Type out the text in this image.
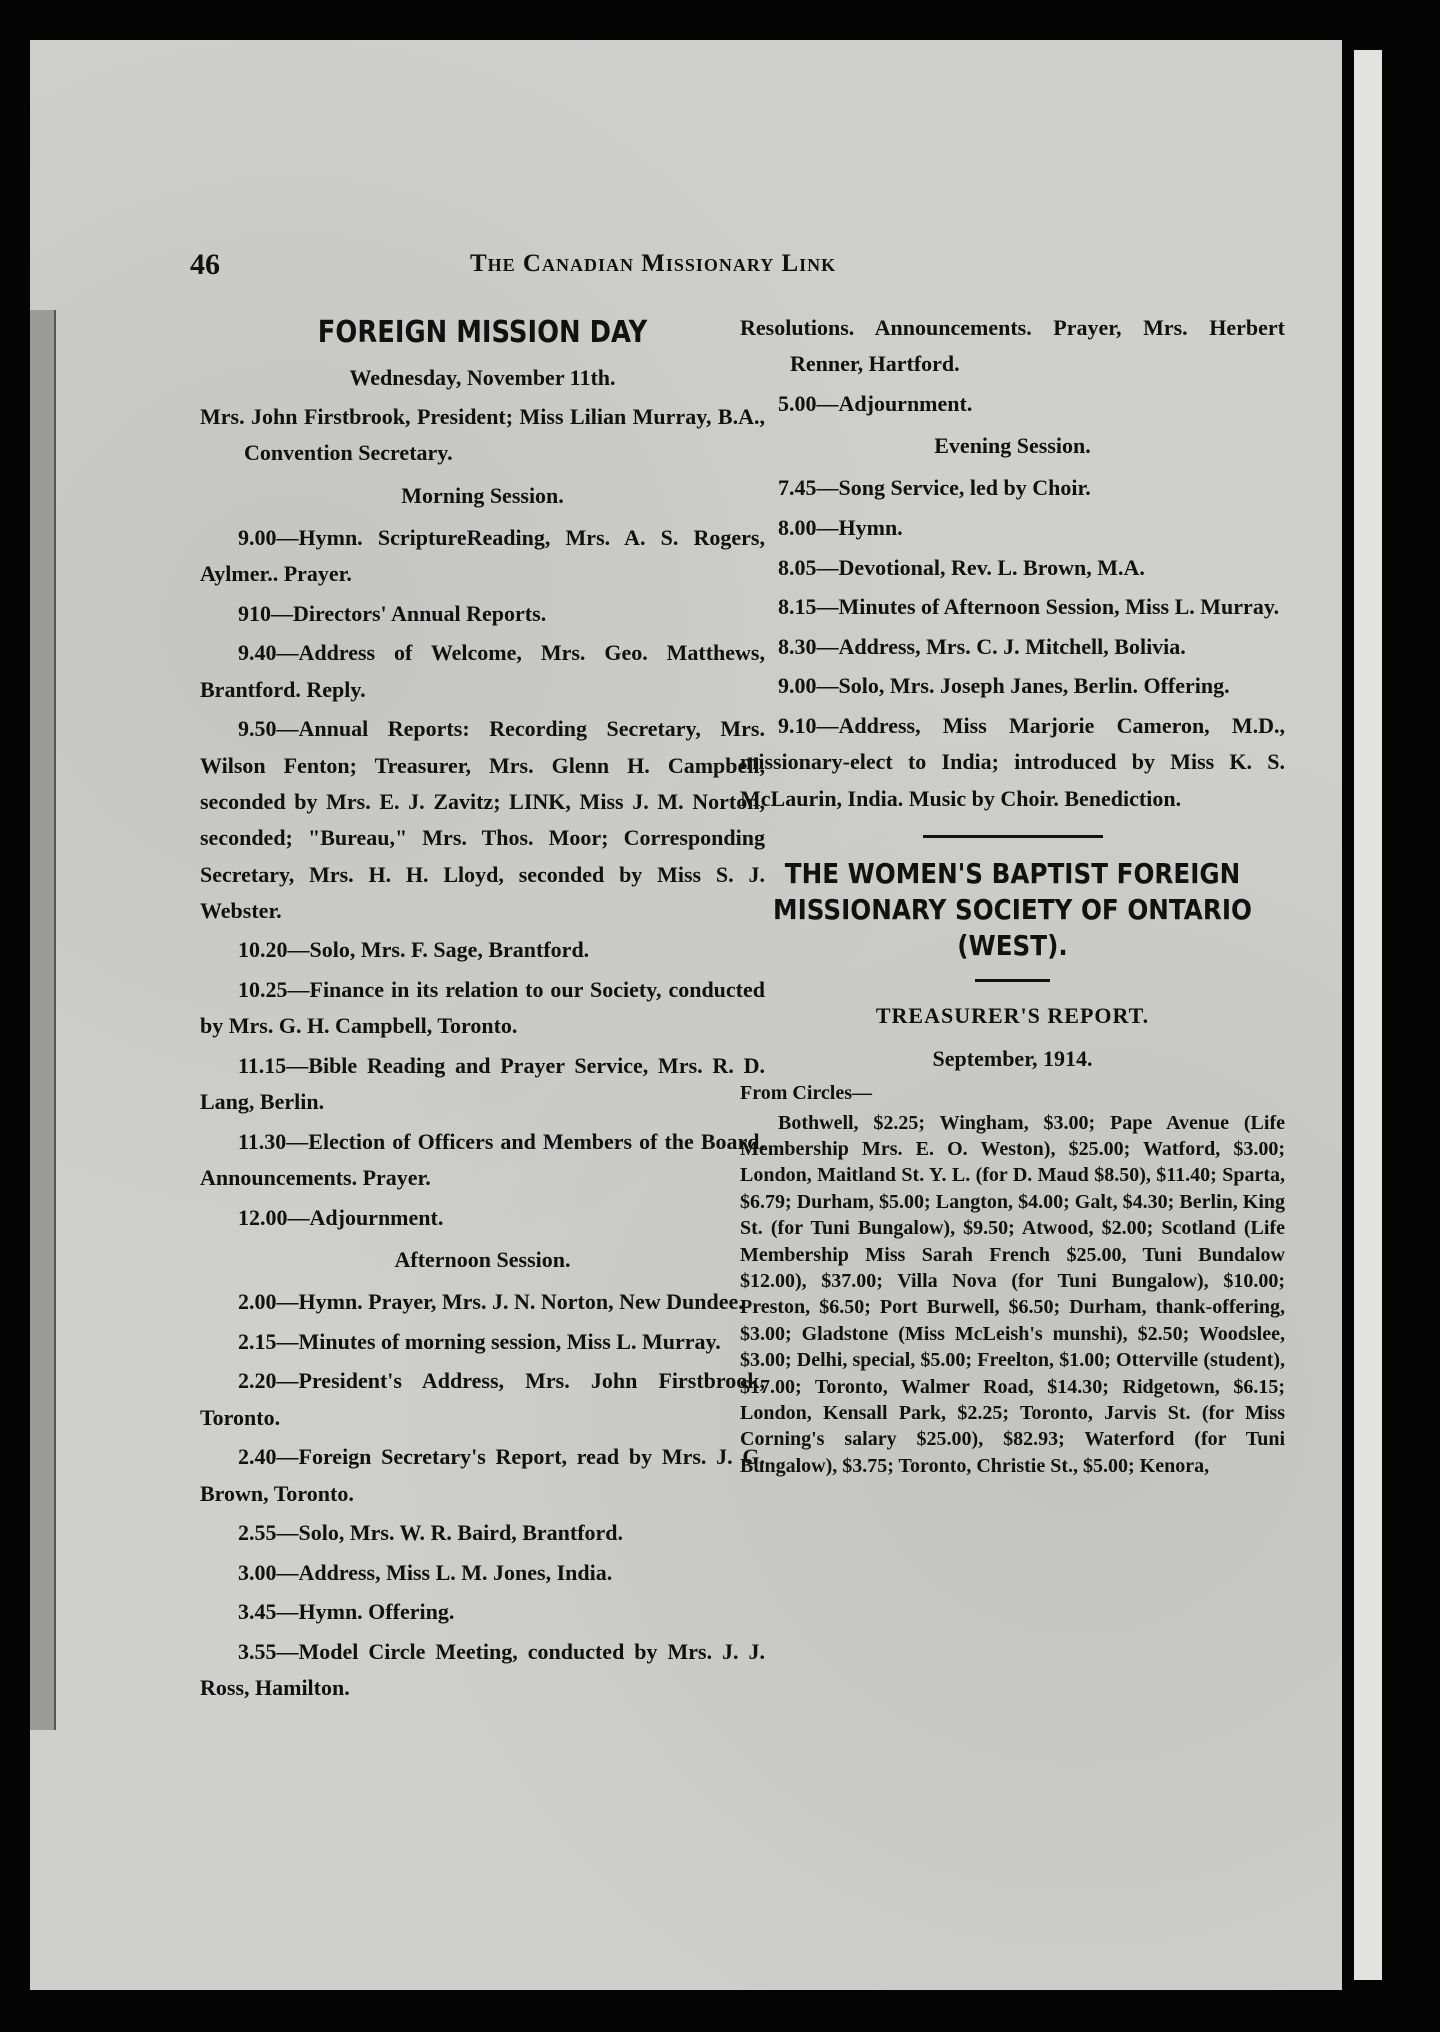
46	The Canadian Missionary Link

FOREIGN MISSION DAY

Wednesday, November 11th.

Mrs. John Firstbrook, President; Miss Lilian Murray, B.A., Convention Secretary.

Morning Session.

9.00—Hymn. ScriptureReading, Mrs. A. S. Rogers, Aylmer.. Prayer.

910—Directors' Annual Reports.

9.40—Address of Welcome, Mrs. Geo. Matthews, Brantford. Reply.

9.50—Annual Reports: Recording Secretary, Mrs. Wilson Fenton; Treasurer, Mrs. Glenn H. Campbell, seconded by Mrs. E. J. Zavitz; LINK, Miss J. M. Norton, seconded; "Bureau," Mrs. Thos. Moor; Corresponding Secretary, Mrs. H. H. Lloyd, seconded by Miss S. J. Webster.

10.20—Solo, Mrs. F. Sage, Brantford.

10.25—Finance in its relation to our Society, conducted by Mrs. G. H. Campbell, Toronto.

11.15—Bible Reading and Prayer Service, Mrs. R. D. Lang, Berlin.

11.30—Election of Officers and Members of the Board. Announcements. Prayer.

12.00—Adjournment.

Afternoon Session.

2.00—Hymn. Prayer, Mrs. J. N. Norton, New Dundee.

2.15—Minutes of morning session, Miss L. Murray.

2.20—President's Address, Mrs. John Firstbrook, Toronto.

2.40—Foreign Secretary's Report, read by Mrs. J. G. Brown, Toronto.

2.55—Solo, Mrs. W. R. Baird, Brantford.

3.00—Address, Miss L. M. Jones, India.

3.45—Hymn. Offering.

3.55—Model Circle Meeting, conducted by Mrs. J. J. Ross, Hamilton.

Resolutions. Announcements. Prayer, Mrs. Herbert Renner, Hartford.

5.00—Adjournment.

Evening Session.

7.45—Song Service, led by Choir.

8.00—Hymn.

8.05—Devotional, Rev. L. Brown, M.A.

8.15—Minutes of Afternoon Session, Miss L. Murray.

8.30—Address, Mrs. C. J. Mitchell, Bolivia.

9.00—Solo, Mrs. Joseph Janes, Berlin. Offering.

9.10—Address, Miss Marjorie Cameron, M.D., missionary-elect to India; introduced by Miss K. S. McLaurin, India. Music by Choir. Benediction.

THE WOMEN'S BAPTIST FOREIGN MISSIONARY SOCIETY OF ONTARIO (WEST).

TREASURER'S REPORT.

September, 1914.

From Circles—

Bothwell, $2.25; Wingham, $3.00; Pape Avenue (Life Membership Mrs. E. O. Weston), $25.00; Watford, $3.00; London, Maitland St. Y. L. (for D. Maud $8.50), $11.40; Sparta, $6.79; Durham, $5.00; Langton, $4.00; Galt, $4.30; Berlin, King St. (for Tuni Bungalow), $9.50; Atwood, $2.00; Scotland (Life Membership Miss Sarah French $25.00, Tuni Bundalow $12.00), $37.00; Villa Nova (for Tuni Bungalow), $10.00; Preston, $6.50; Port Burwell, $6.50; Durham, thank-offering, $3.00; Gladstone (Miss McLeish's munshi), $2.50; Woodslee, $3.00; Delhi, special, $5.00; Freelton, $1.00; Otterville (student), $17.00; Toronto, Walmer Road, $14.30; Ridgetown, $6.15; London, Kensall Park, $2.25; Toronto, Jarvis St. (for Miss Corning's salary $25.00), $82.93; Waterford (for Tuni Bungalow), $3.75; Toronto, Christie St., $5.00; Kenora,
